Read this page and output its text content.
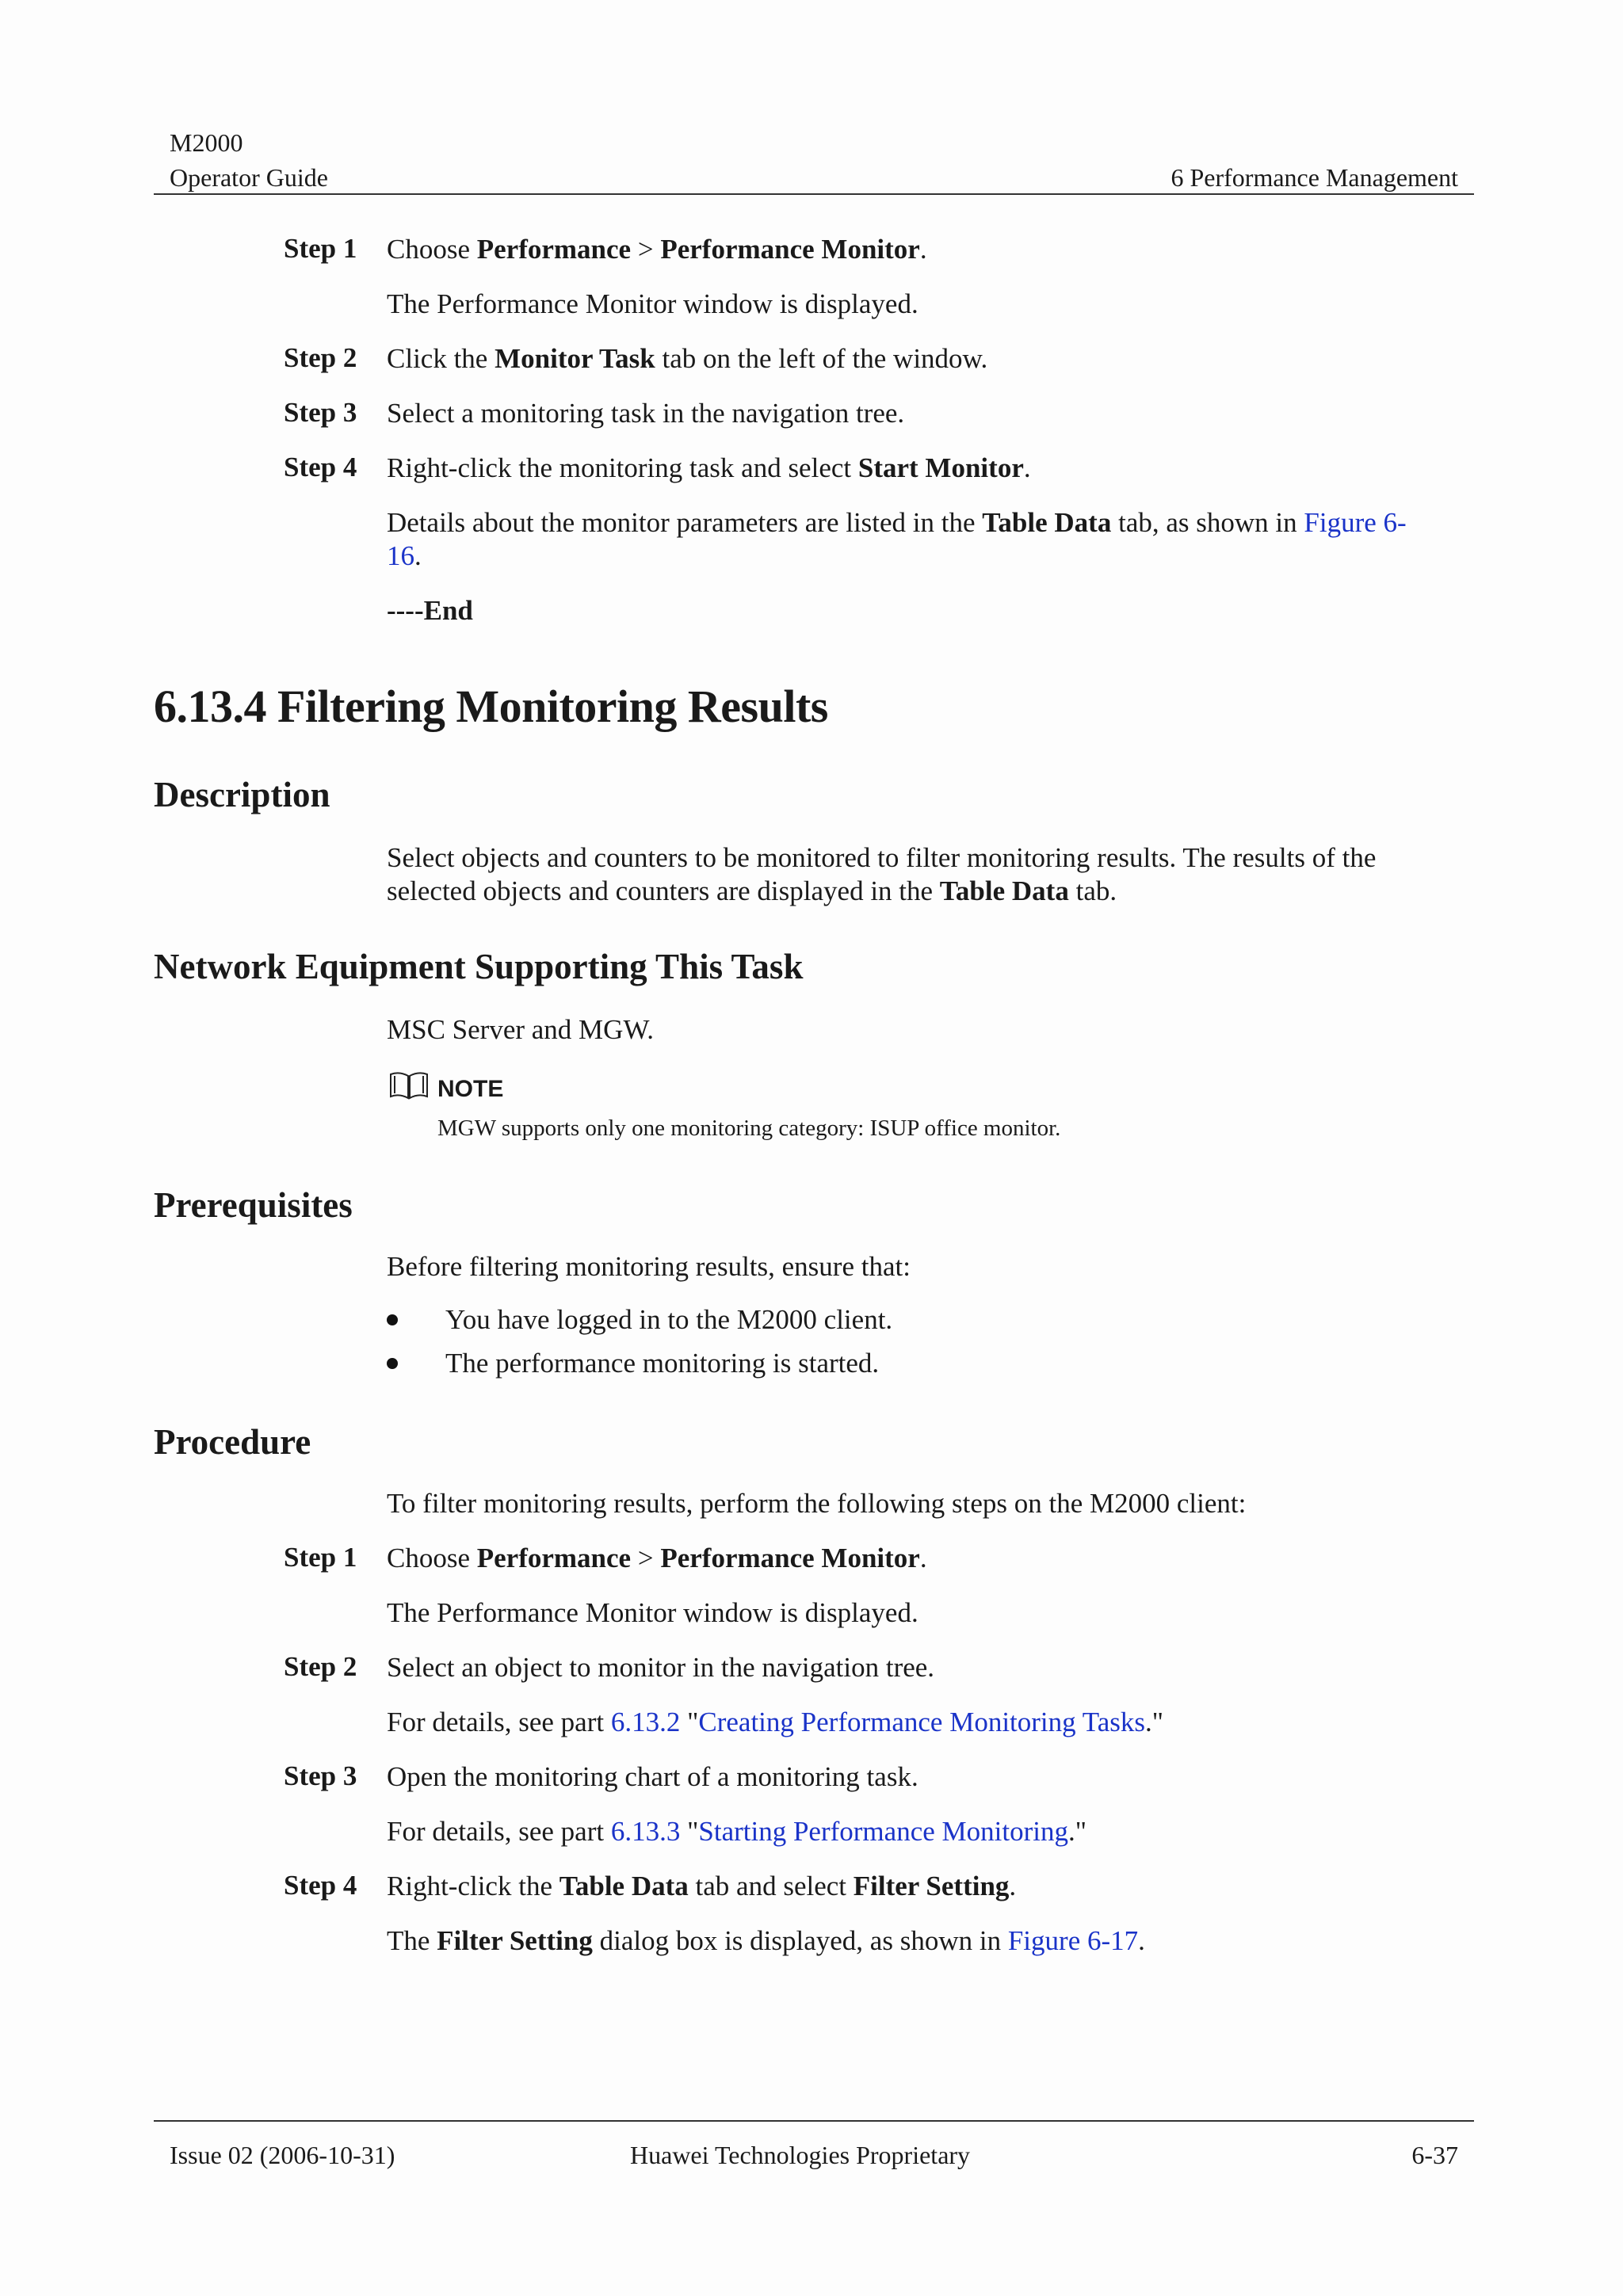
M2000
Operator Guide	6 Performance Management
Step 1	Choose Performance > Performance Monitor.
The Performance Monitor window is displayed.
Step 2	Click the Monitor Task tab on the left of the window.
Step 3	Select a monitoring task in the navigation tree.
Step 4	Right-click the monitoring task and select Start Monitor.
Details about the monitor parameters are listed in the Table Data tab, as shown in Figure 6-16.
----End
6.13.4 Filtering Monitoring Results
Description
Select objects and counters to be monitored to filter monitoring results. The results of the selected objects and counters are displayed in the Table Data tab.
Network Equipment Supporting This Task
MSC Server and MGW.
NOTE
MGW supports only one monitoring category: ISUP office monitor.
Prerequisites
Before filtering monitoring results, ensure that:
You have logged in to the M2000 client.
The performance monitoring is started.
Procedure
To filter monitoring results, perform the following steps on the M2000 client:
Step 1	Choose Performance > Performance Monitor.
The Performance Monitor window is displayed.
Step 2	Select an object to monitor in the navigation tree.
For details, see part 6.13.2 "Creating Performance Monitoring Tasks."
Step 3	Open the monitoring chart of a monitoring task.
For details, see part 6.13.3 "Starting Performance Monitoring."
Step 4	Right-click the Table Data tab and select Filter Setting.
The Filter Setting dialog box is displayed, as shown in Figure 6-17.
Issue 02 (2006-10-31)	Huawei Technologies Proprietary	6-37
